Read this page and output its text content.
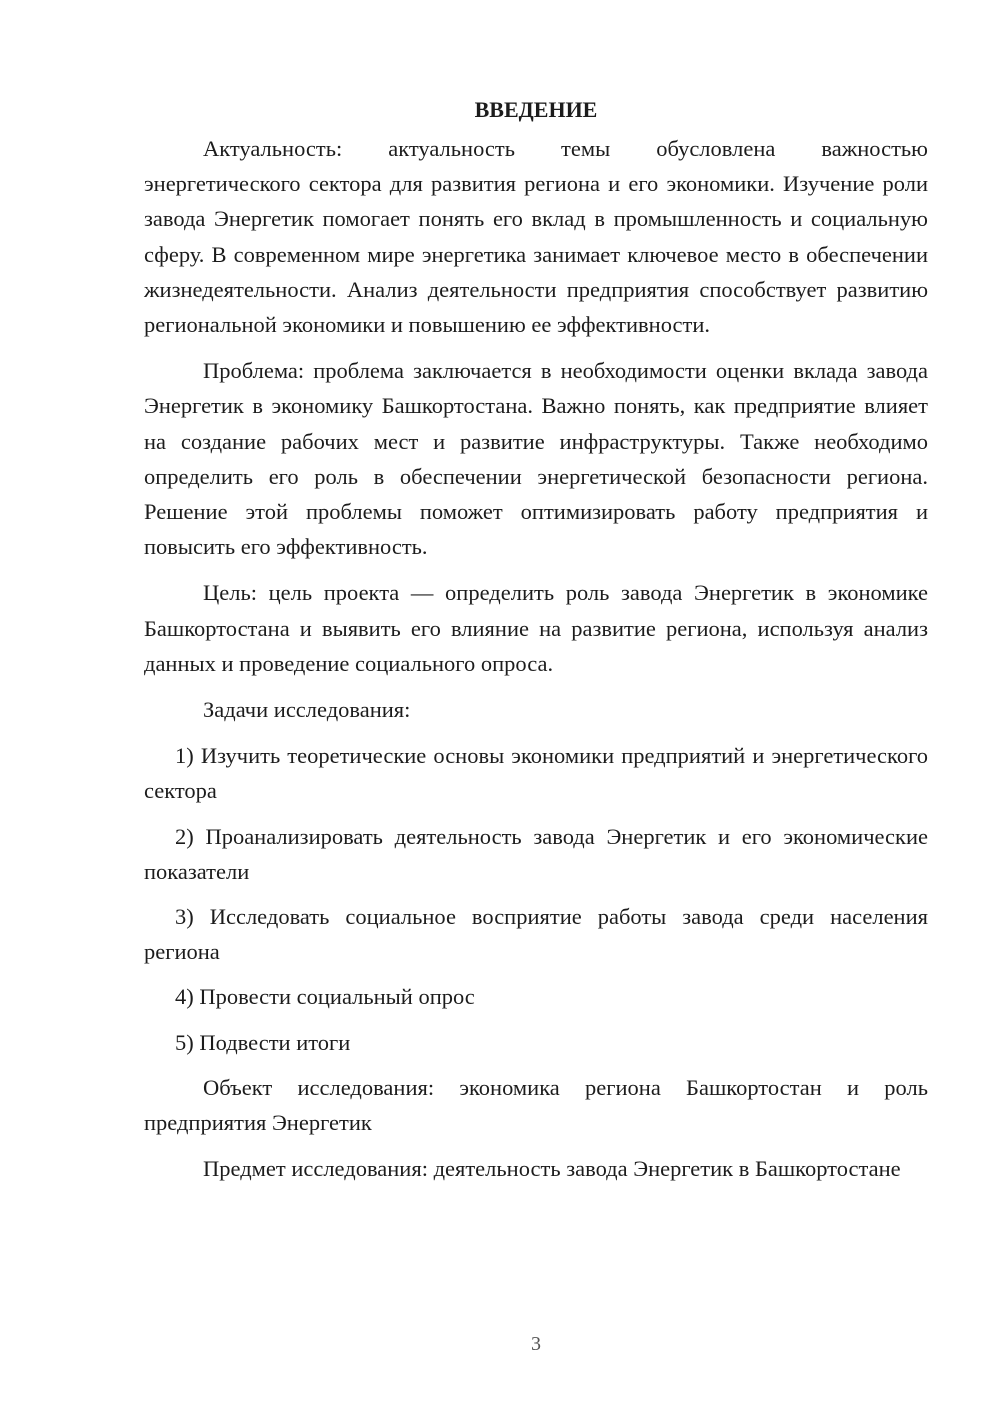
ВВЕДЕНИЕ

Актуальность: актуальность темы обусловлена важностью энергетического сектора для развития региона и его экономики. Изучение роли завода Энергетик помогает понять его вклад в промышленность и социальную сферу. В современном мире энергетика занимает ключевое место в обеспечении жизнедеятельности. Анализ деятельности предприятия способствует развитию региональной экономики и повышению ее эффективности.

Проблема: проблема заключается в необходимости оценки вклада завода Энергетик в экономику Башкортостана. Важно понять, как предприятие влияет на создание рабочих мест и развитие инфраструктуры. Также необходимо определить его роль в обеспечении энергетической безопасности региона. Решение этой проблемы поможет оптимизировать работу предприятия и повысить его эффективность.

Цель: цель проекта — определить роль завода Энергетик в экономике Башкортостана и выявить его влияние на развитие региона, используя анализ данных и проведение социального опроса.

Задачи исследования:

1) Изучить теоретические основы экономики предприятий и энергетического сектора

2) Проанализировать деятельность завода Энергетик и его экономические показатели

3) Исследовать социальное восприятие работы завода среди населения региона

4) Провести социальный опрос

5) Подвести итоги

Объект исследования: экономика региона Башкортостан и роль предприятия Энергетик

Предмет исследования: деятельность завода Энергетик в Башкортостане

3
